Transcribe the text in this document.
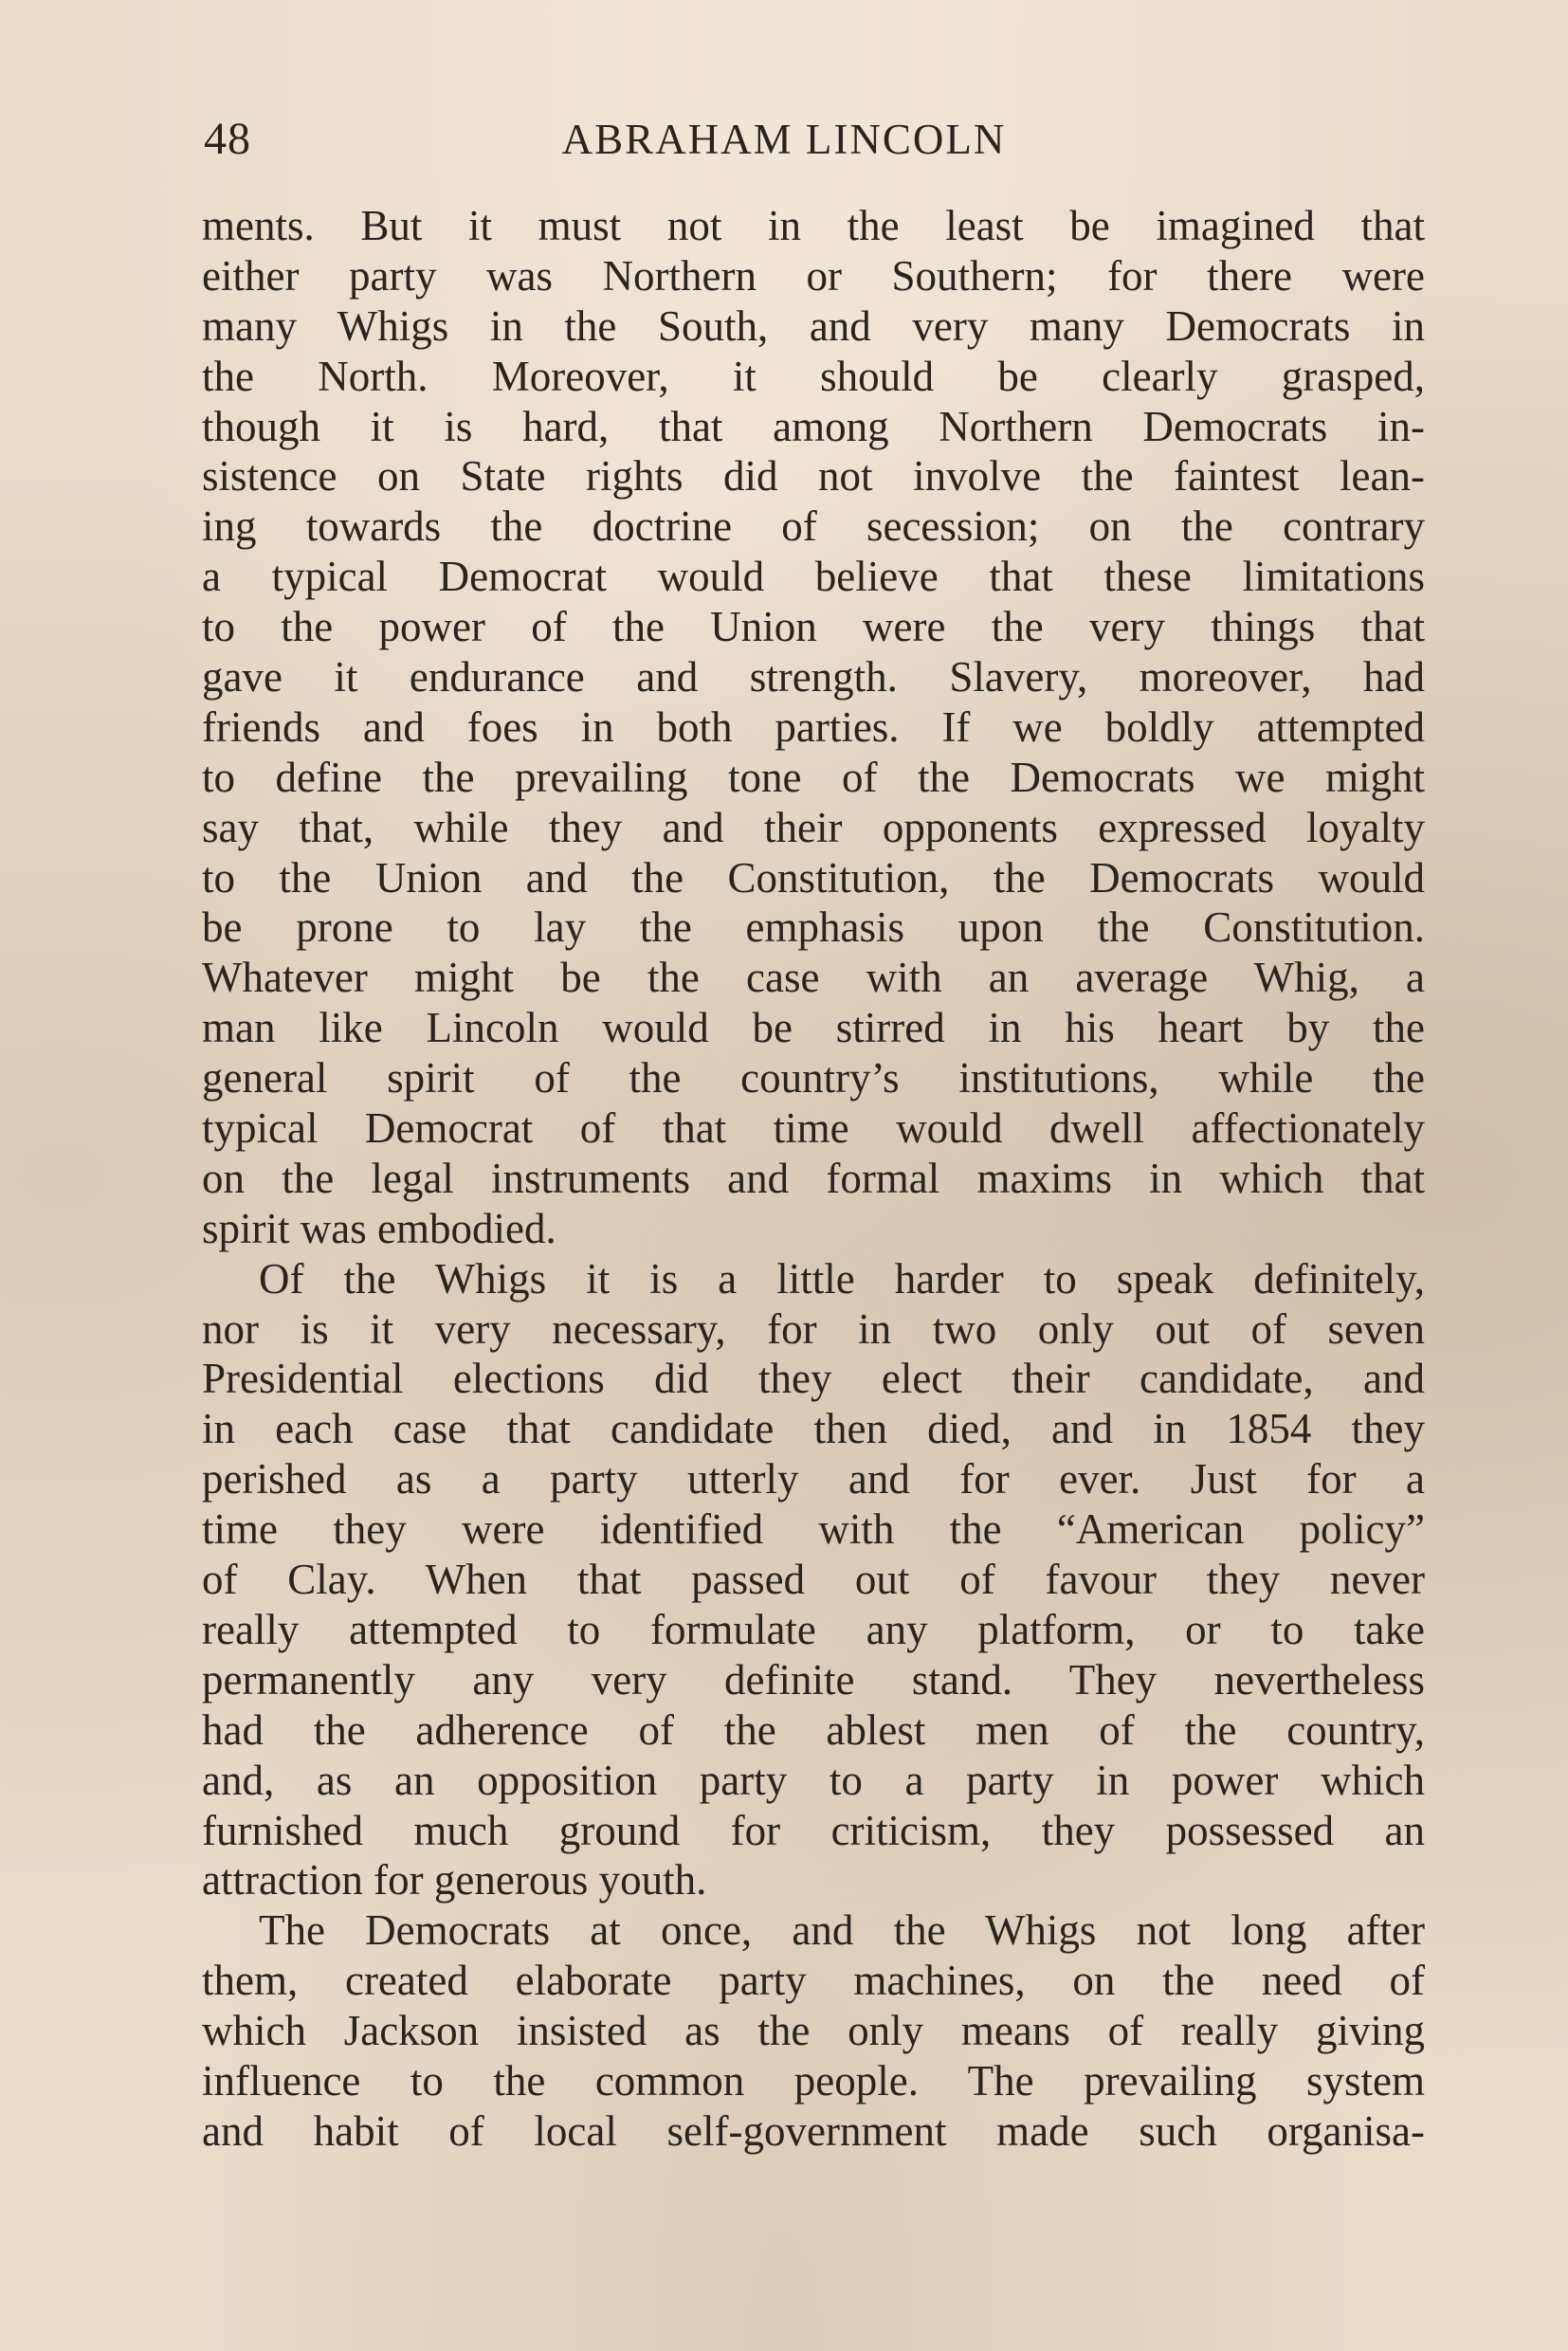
48	ABRAHAM LINCOLN
ments. But it must not in the least be imagined that
either party was Northern or Southern; for there were
many Whigs in the South, and very many Democrats in
the North. Moreover, it should be clearly grasped,
though it is hard, that among Northern Democrats in-
sistence on State rights did not involve the faintest lean-
ing towards the doctrine of secession; on the contrary
a typical Democrat would believe that these limitations
to the power of the Union were the very things that
gave it endurance and strength. Slavery, moreover, had
friends and foes in both parties. If we boldly attempted
to define the prevailing tone of the Democrats we might
say that, while they and their opponents expressed loyalty
to the Union and the Constitution, the Democrats would
be prone to lay the emphasis upon the Constitution.
Whatever might be the case with an average Whig, a
man like Lincoln would be stirred in his heart by the
general spirit of the country’s institutions, while the
typical Democrat of that time would dwell affectionately
on the legal instruments and formal maxims in which that
spirit was embodied.
Of the Whigs it is a little harder to speak definitely,
nor is it very necessary, for in two only out of seven
Presidential elections did they elect their candidate, and
in each case that candidate then died, and in 1854 they
perished as a party utterly and for ever. Just for a
time they were identified with the “American policy”
of Clay. When that passed out of favour they never
really attempted to formulate any platform, or to take
permanently any very definite stand. They nevertheless
had the adherence of the ablest men of the country,
and, as an opposition party to a party in power which
furnished much ground for criticism, they possessed an
attraction for generous youth.
The Democrats at once, and the Whigs not long after
them, created elaborate party machines, on the need of
which Jackson insisted as the only means of really giving
influence to the common people. The prevailing system
and habit of local self-government made such organisa-
